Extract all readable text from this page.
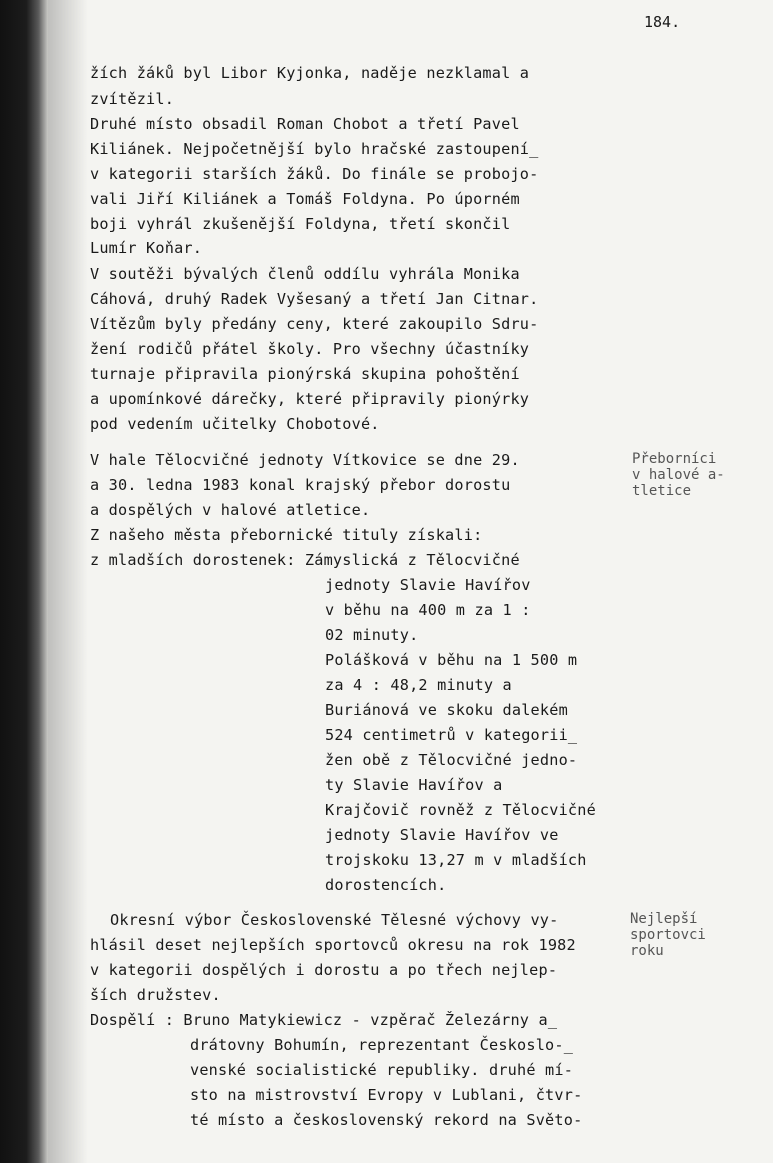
184.
žích žáků byl Libor Kyjonka, naděje nezklamal a
zvítězil.
Druhé místo obsadil Roman Chobot a třetí Pavel
Kiliánek. Nejpočetnější bylo hračské zastoupení_
v kategorii starších žáků. Do finále se probojo-
vali Jiří Kiliánek a Tomáš Foldyna. Po úporném
boji vyhrál zkušenější Foldyna, třetí skončil
Lumír Koňar.
V soutěži bývalých členů oddílu vyhrála Monika
Cáhová, druhý Radek Vyšesaný a třetí Jan Citnar.
Vítězům byly předány ceny, které zakoupilo Sdru-
žení rodičů přátel školy. Pro všechny účastníky
turnaje připravila pionýrská skupina pohoštění
a upomínkové dárečky, které připravily pionýrky
pod vedením učitelky Chobotové.
V hale Tělocvičné jednoty Vítkovice se dne 29.
a 30. ledna 1983 konal krajský přebor dorostu
a dospělých v halové atletice.
Z našeho města přebornické tituly získali:
z mladších dorostenek: Zámyslická z Tělocvičné
jednoty Slavie Havířov
v běhu na 400 m za 1 :
02 minuty.
Polášková v běhu na 1 500 m
za 4 : 48,2 minuty a
Buriánová ve skoku dalekém
524 centimetrů v kategorii_
žen obě z Tělocvičné jedno-
ty Slavie Havířov a
Krajčovič rovněž z Tělocvičné
jednoty Slavie Havířov ve
trojskoku 13,27 m v mladších
dorostencích.
Okresní výbor Československé Tělesné výchovy vy-
hlásil deset nejlepších sportovců okresu na rok 1982
v kategorii dospělých i dorostu a po třech nejlep-
ších družstev.
Dospělí : Bruno Matykiewicz - vzpěrač Železárny a_
drátovny Bohumín, reprezentant Českoslo-_
venské socialistické republiky. druhé mí-
sto na mistrovství Evropy v Lublani, čtvr-
té místo a československý rekord na Světo-
Přeborníci
v halové a-
tletice
Nejlepší
sportovci
roku
